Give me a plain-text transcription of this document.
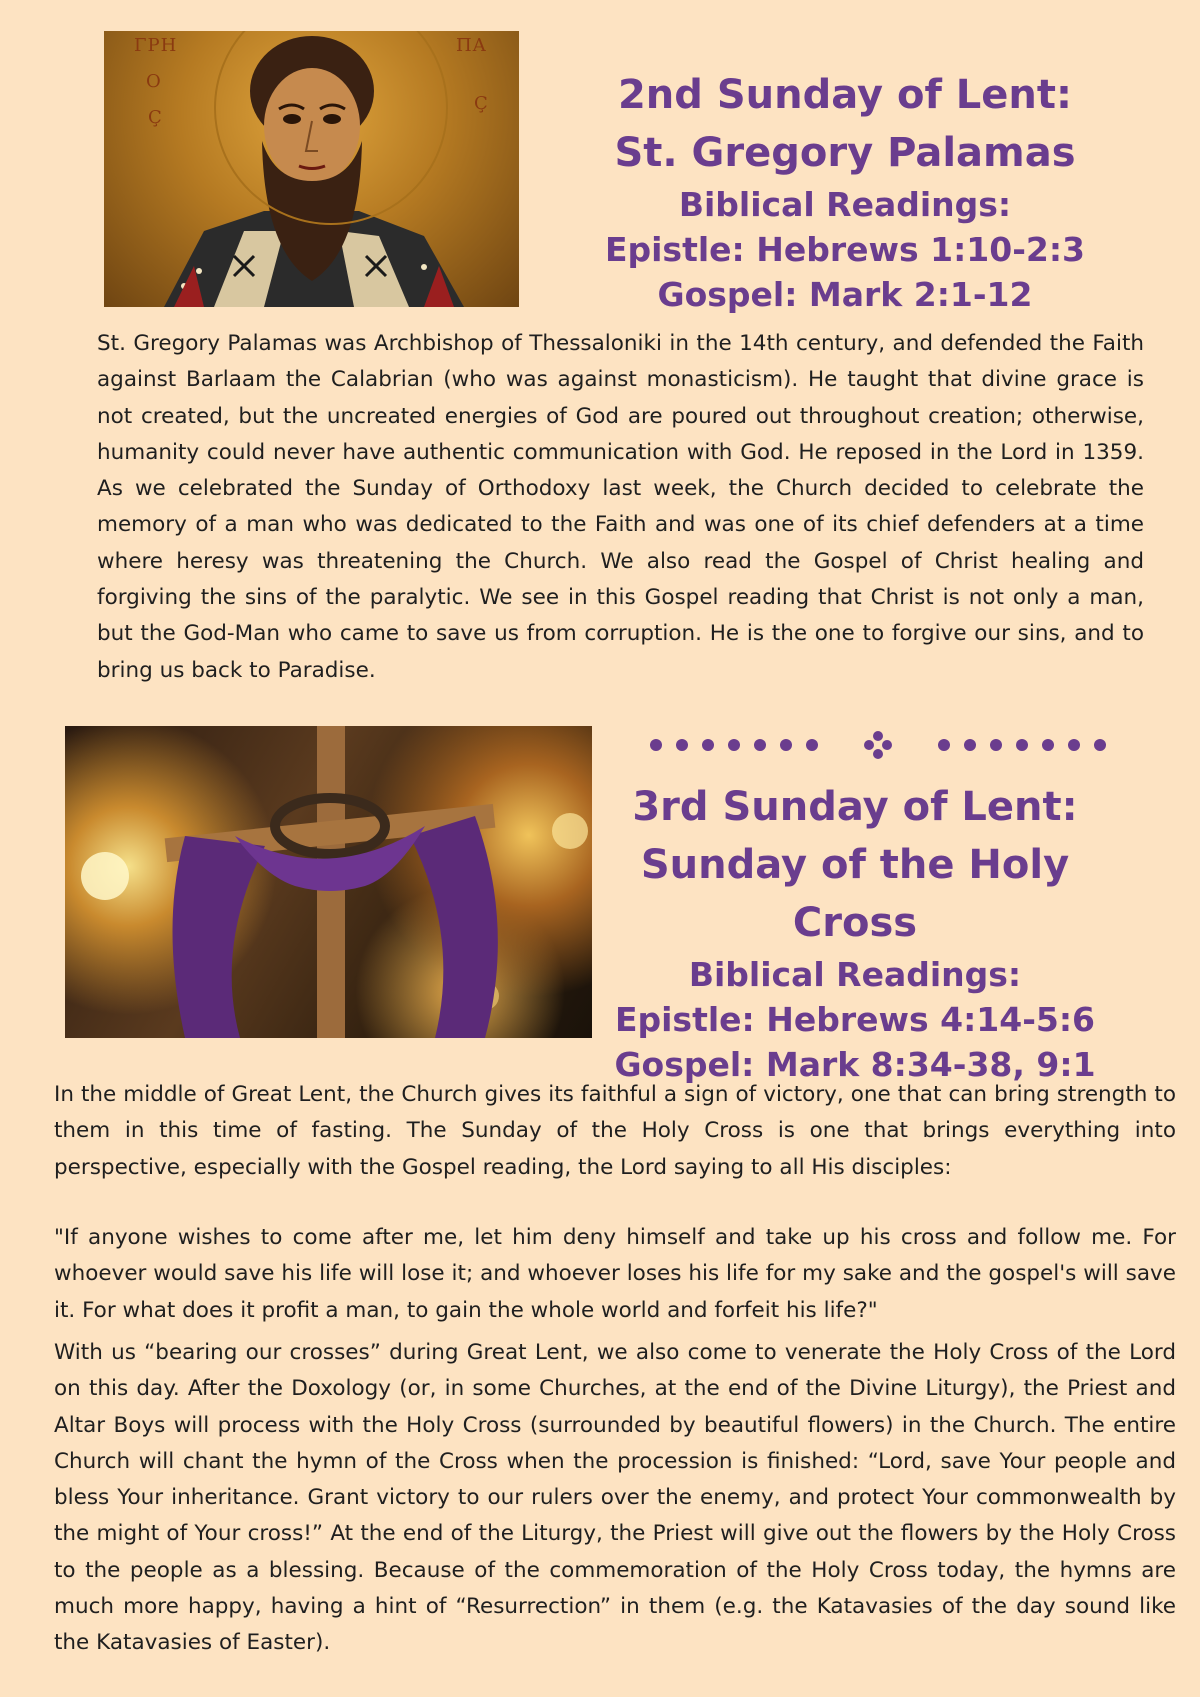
ΓΡΗ
Ο
Ç
ΠΑ
Ç	2nd Sunday of Lent:

St. Gregory Palamas

Biblical Readings:

Epistle: Hebrews 1:10-2:3

Gospel: Mark 2:1-12

St. Gregory Palamas was Archbishop of Thessaloniki in the 14th century, and defended the Faith against Barlaam the Calabrian (who was against monasticism). He taught that divine grace is not created, but the uncreated energies of God are poured out throughout creation; otherwise, humanity could never have authentic communication with God. He reposed in the Lord in 1359. As we celebrated the Sunday of Orthodoxy last week, the Church decided to celebrate the memory of a man who was dedicated to the Faith and was one of its chief defenders at a time where heresy was threatening the Church. We also read the Gospel of Christ healing and forgiving the sins of the paralytic. We see in this Gospel reading that Christ is not only a man, but the God-Man who came to save us from corruption. He is the one to forgive our sins, and to bring us back to Paradise.

3rd Sunday of Lent:

Sunday of the Holy Cross

Biblical Readings:

Epistle: Hebrews 4:14-5:6

Gospel: Mark 8:34-38, 9:1

In the middle of Great Lent, the Church gives its faithful a sign of victory, one that can bring strength to them in this time of fasting. The Sunday of the Holy Cross is one that brings everything into perspective, especially with the Gospel reading, the Lord saying to all His disciples:

"If anyone wishes to come after me, let him deny himself and take up his cross and follow me. For whoever would save his life will lose it; and whoever loses his life for my sake and the gospel's will save it. For what does it profit a man, to gain the whole world and forfeit his life?"

With us “bearing our crosses” during Great Lent, we also come to venerate the Holy Cross of the Lord on this day. After the Doxology (or, in some Churches, at the end of the Divine Liturgy), the Priest and Altar Boys will process with the Holy Cross (surrounded by beautiful flowers) in the Church. The entire Church will chant the hymn of the Cross when the procession is finished: “Lord, save Your people and bless Your inheritance. Grant victory to our rulers over the enemy, and protect Your commonwealth by the might of Your cross!” At the end of the Liturgy, the Priest will give out the flowers by the Holy Cross to the people as a blessing. Because of the commemoration of the Holy Cross today, the hymns are much more happy, having a hint of “Resurrection” in them (e.g. the Katavasies of the day sound like the Katavasies of Easter).
